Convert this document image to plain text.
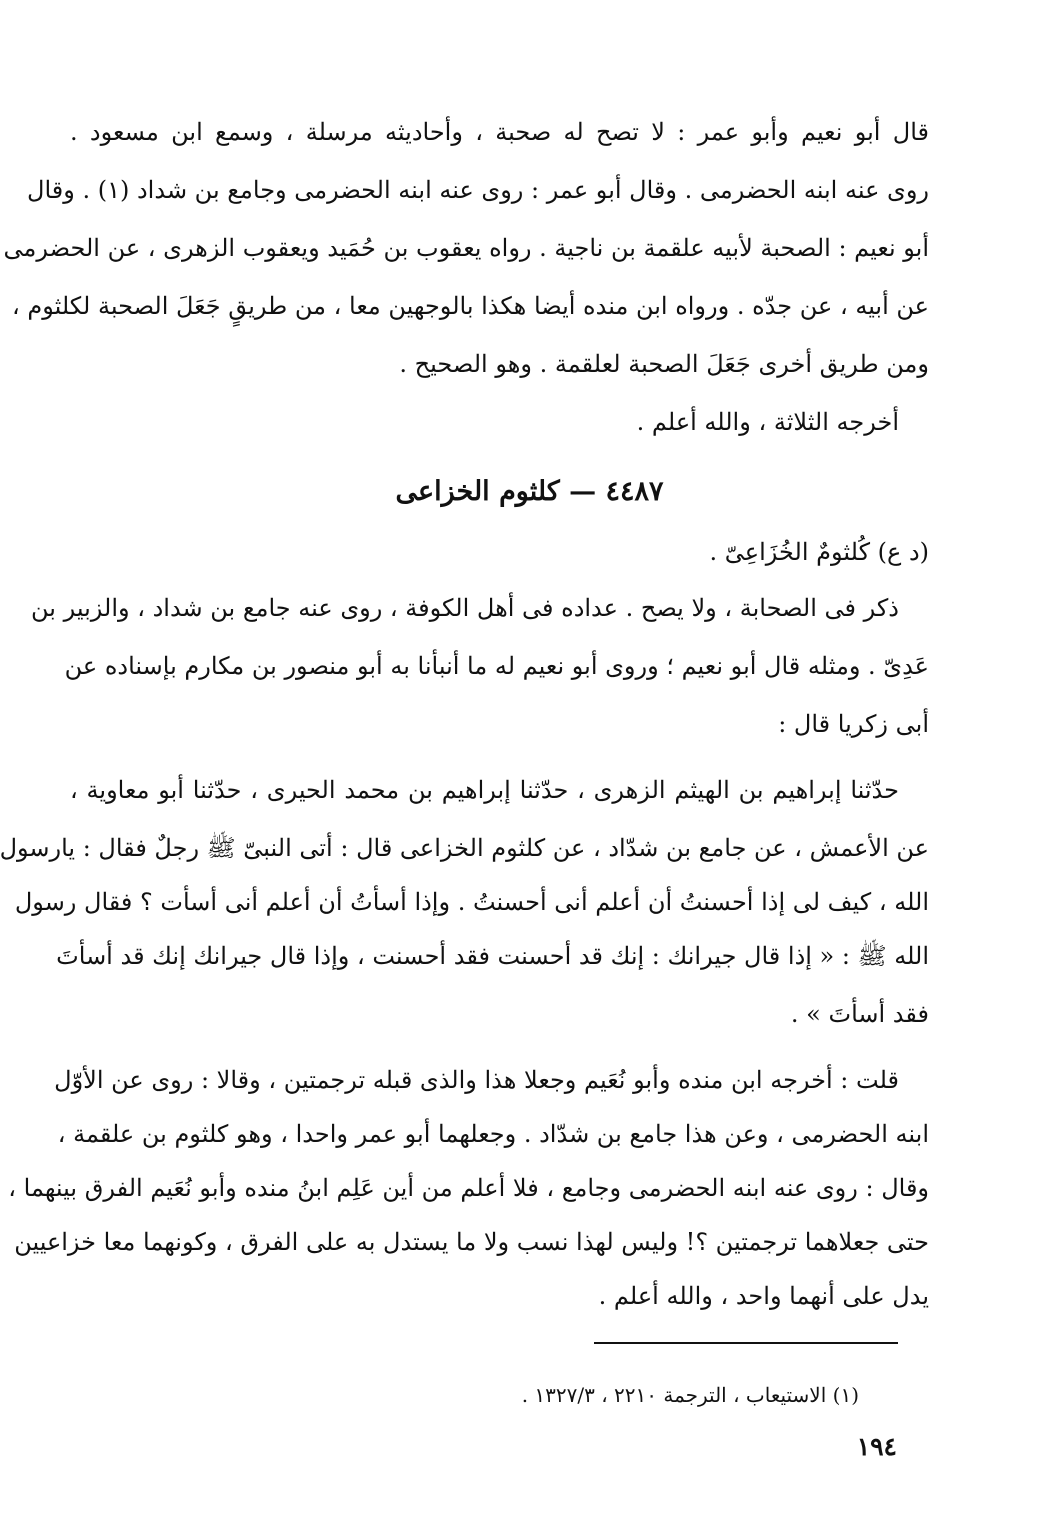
قال أبو نعيم وأبو عمر : لا تصح له صحبة ، وأحاديثه مرسلة ، وسمع ابن مسعود .
روى عنه ابنه الحضرمى . وقال أبو عمر : روى عنه ابنه الحضرمى وجامع بن شداد (١) . وقال
أبو نعيم : الصحبة لأبيه علقمة بن ناجية . رواه يعقوب بن حُمَيد ويعقوب الزهرى ، عن الحضرمى
عن أبيه ، عن جدّه . ورواه ابن منده أيضا هكذا بالوجهين معا ، من طريقٍ جَعَلَ الصحبة لكلثوم ،
ومن طريق أخرى جَعَلَ الصحبة لعلقمة . وهو الصحيح .
أخرجه الثلاثة ، والله أعلم .
٤٤٨٧ — كلثوم الخزاعى
(د ع) كُلثومٌ الخُزَاعِىّ .
ذكر فى الصحابة ، ولا يصح . عداده فى أهل الكوفة ، روى عنه جامع بن شداد ، والزبير بن
عَدِىّ . ومثله قال أبو نعيم ؛ وروى أبو نعيم له ما أنبأنا به أبو منصور بن مكارم بإسناده عن
أبى زكريا قال :
حدّثنا إبراهيم بن الهيثم الزهرى ، حدّثنا إبراهيم بن محمد الحيرى ، حدّثنا أبو معاوية ،
عن الأعمش ، عن جامع بن شدّاد ، عن كلثوم الخزاعى قال : أتى النبىّ ﷺ رجلٌ فقال : يارسول
الله ، كيف لى إذا أحسنتُ أن أعلم أنى أحسنتُ . وإذا أسأتُ أن أعلم أنى أسأت ؟ فقال رسول
الله ﷺ : « إذا قال جيرانك : إنك قد أحسنت فقد أحسنت ، وإذا قال جيرانك إنك قد أسأتَ
فقد أسأتَ » .
قلت : أخرجه ابن منده وأبو نُعَيم وجعلا هذا والذى قبله ترجمتين ، وقالا : روى عن الأوّل
ابنه الحضرمى ، وعن هذا جامع بن شدّاد . وجعلهما أبو عمر واحدا ، وهو كلثوم بن علقمة ،
وقال : روى عنه ابنه الحضرمى وجامع ، فلا أعلم من أين عَلِم ابنُ منده وأبو نُعَيم الفرق بينهما ،
حتى جعلاهما ترجمتين ؟! وليس لهذا نسب ولا ما يستدل به على الفرق ، وكونهما معا خزاعيين
يدل على أنهما واحد ، والله أعلم .
(١) الاستيعاب ، الترجمة ٢٢١٠ ، ١٣٢٧/٣ .
١٩٤
